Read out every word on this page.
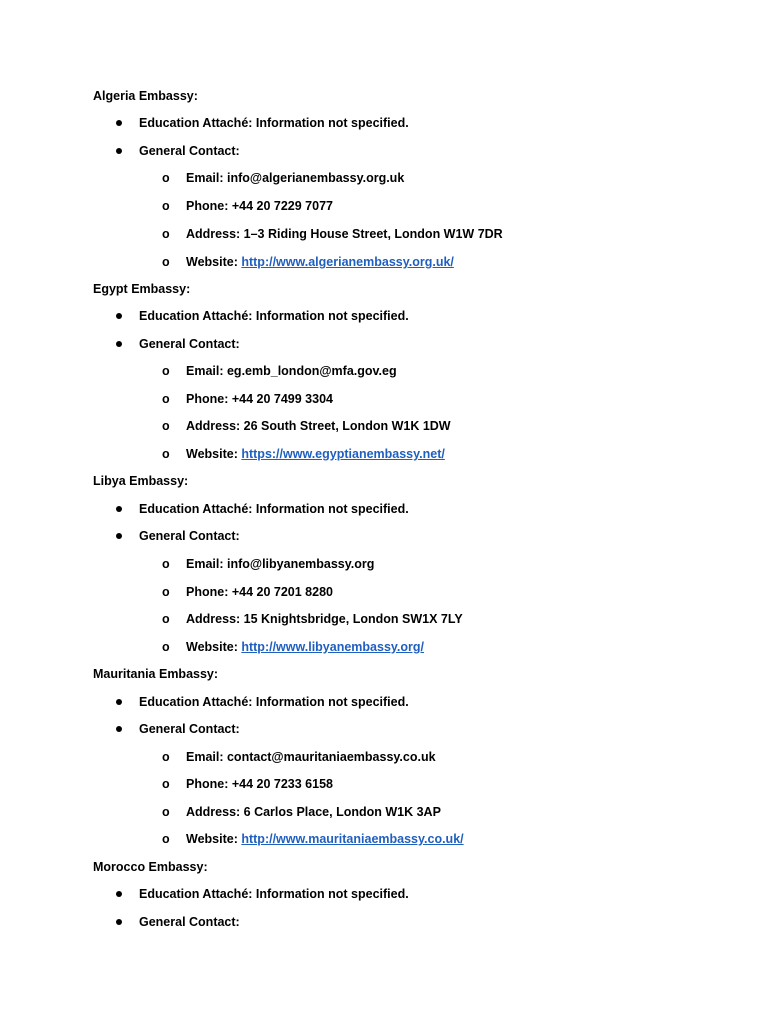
Algeria Embassy:
Education Attaché: Information not specified.
General Contact:
o Email: info@algerianembassy.org.uk
o Phone: +44 20 7229 7077
o Address: 1–3 Riding House Street, London W1W 7DR
o Website: http://www.algerianembassy.org.uk/
Egypt Embassy:
Education Attaché: Information not specified.
General Contact:
o Email: eg.emb_london@mfa.gov.eg
o Phone: +44 20 7499 3304
o Address: 26 South Street, London W1K 1DW
o Website: https://www.egyptianembassy.net/
Libya Embassy:
Education Attaché: Information not specified.
General Contact:
o Email: info@libyanembassy.org
o Phone: +44 20 7201 8280
o Address: 15 Knightsbridge, London SW1X 7LY
o Website: http://www.libyanembassy.org/
Mauritania Embassy:
Education Attaché: Information not specified.
General Contact:
o Email: contact@mauritaniaembassy.co.uk
o Phone: +44 20 7233 6158
o Address: 6 Carlos Place, London W1K 3AP
o Website: http://www.mauritaniaembassy.co.uk/
Morocco Embassy:
Education Attaché: Information not specified.
General Contact:
